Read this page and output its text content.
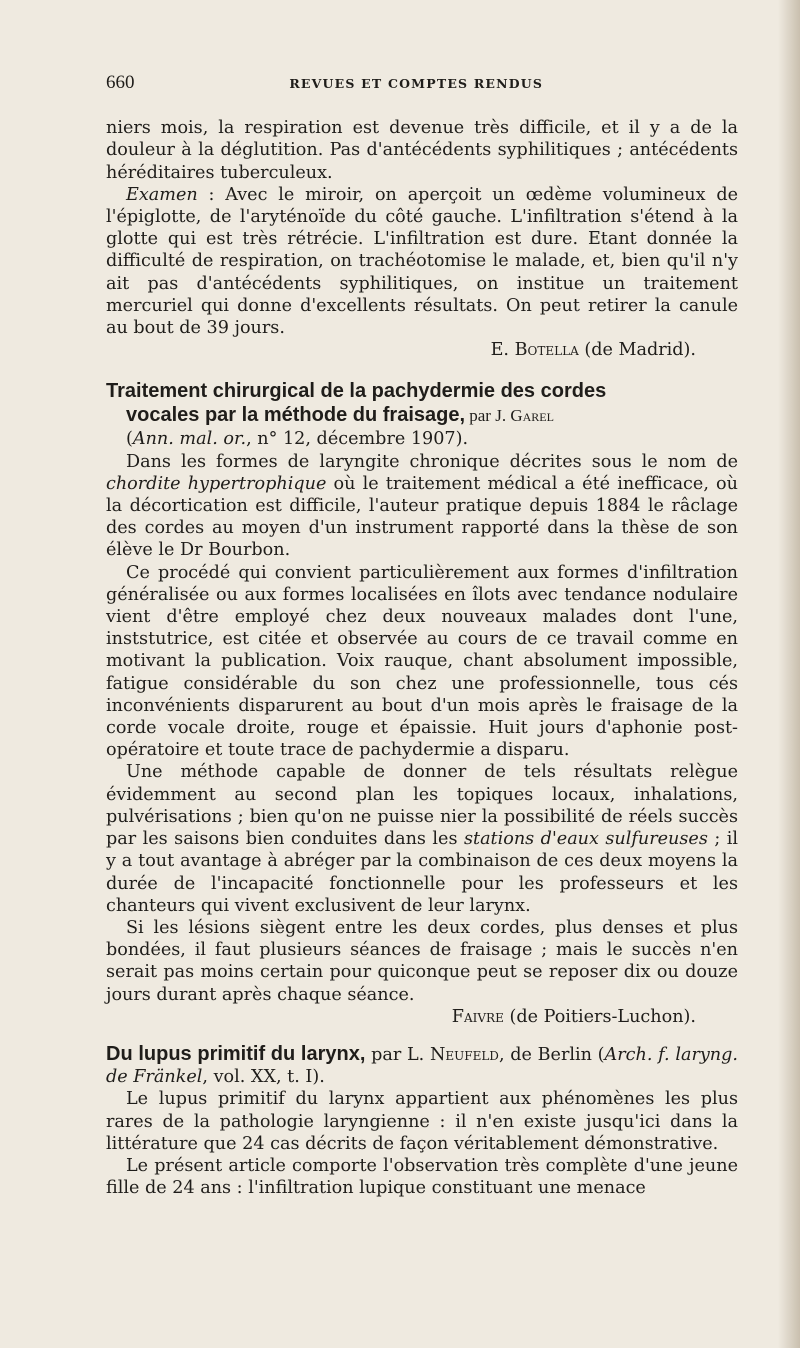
660	REVUES ET COMPTES RENDUS

niers mois, la respiration est devenue très difficile, et il y a de la douleur à la déglutition. Pas d'antécédents syphilitiques ; antécédents héréditaires tuberculeux.

Examen : Avec le miroir, on aperçoit un œdème volumineux de l'épiglotte, de l'aryténoïde du côté gauche. L'infiltration s'étend à la glotte qui est très rétrécie. L'infiltration est dure. Etant donnée la difficulté de respiration, on trachéotomise le malade, et, bien qu'il n'y ait pas d'antécédents syphilitiques, on institue un traitement mercuriel qui donne d'excellents résultats. On peut retirer la canule au bout de 39 jours.

E. Botella (de Madrid).

Traitement chirurgical de la pachydermie des cordes
vocales par la méthode du fraisage, par J. Garel

(Ann. mal. or., n° 12, décembre 1907).

Dans les formes de laryngite chronique décrites sous le nom de chordite hypertrophique où le traitement médical a été inefficace, où la décortication est difficile, l'auteur pratique depuis 1884 le râclage des cordes au moyen d'un instrument rapporté dans la thèse de son élève le Dr Bourbon.

Ce procédé qui convient particulièrement aux formes d'infiltration généralisée ou aux formes localisées en îlots avec tendance nodulaire vient d'être employé chez deux nouveaux malades dont l'une, inststutrice, est citée et observée au cours de ce travail comme en motivant la publication. Voix rauque, chant absolument impossible, fatigue considérable du son chez une professionnelle, tous cés inconvénients disparurent au bout d'un mois après le fraisage de la corde vocale droite, rouge et épaissie. Huit jours d'aphonie post-opératoire et toute trace de pachydermie a disparu.

Une méthode capable de donner de tels résultats relègue évidemment au second plan les topiques locaux, inhalations, pulvérisations ; bien qu'on ne puisse nier la possibilité de réels succès par les saisons bien conduites dans les stations d'eaux sulfureuses ; il y a tout avantage à abréger par la combinaison de ces deux moyens la durée de l'incapacité fonctionnelle pour les professeurs et les chanteurs qui vivent exclusivent de leur larynx.

Si les lésions siègent entre les deux cordes, plus denses et plus bondées, il faut plusieurs séances de fraisage ; mais le succès n'en serait pas moins certain pour quiconque peut se reposer dix ou douze jours durant après chaque séance.

Faivre (de Poitiers-Luchon).

Du lupus primitif du larynx, par L. Neufeld, de Berlin (Arch. f. laryng. de Fränkel, vol. XX, t. I).

Le lupus primitif du larynx appartient aux phénomènes les plus rares de la pathologie laryngienne : il n'en existe jusqu'ici dans la littérature que 24 cas décrits de façon véritablement démonstrative.

Le présent article comporte l'observation très complète d'une jeune fille de 24 ans : l'infiltration lupique constituant une menace
